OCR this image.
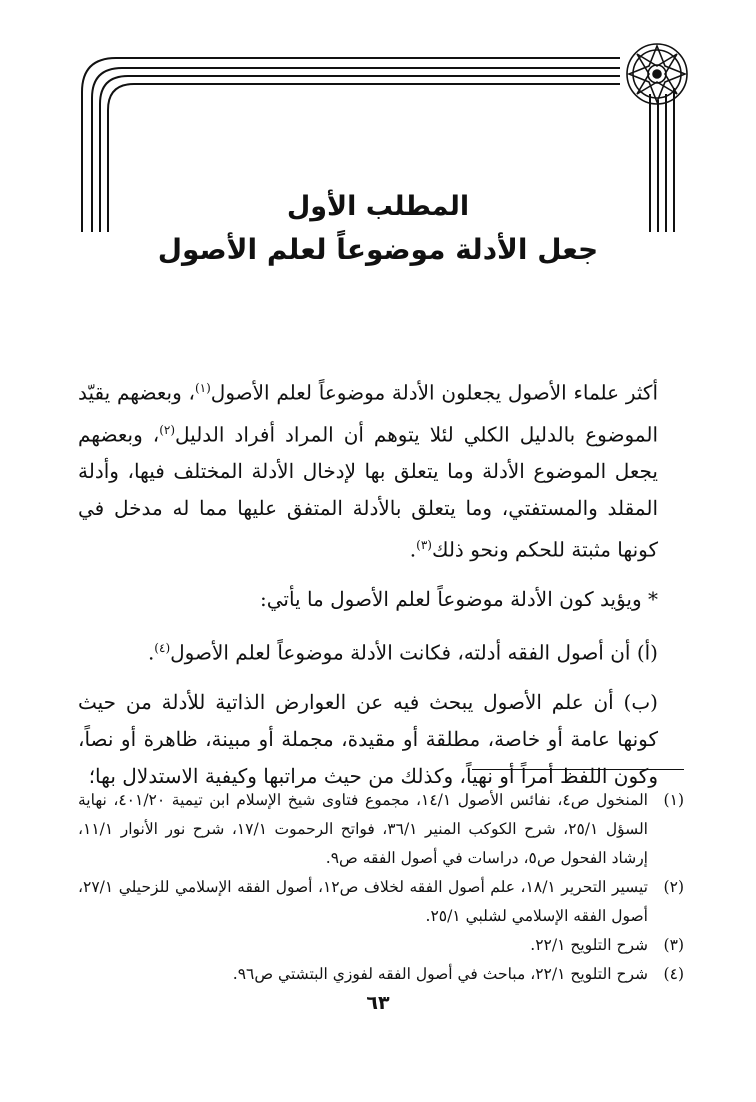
المطلب الأول
جعل الأدلة موضوعاً لعلم الأصول

أكثر علماء الأصول يجعلون الأدلة موضوعاً لعلم الأصول$^{(١)}$، وبعضهم يقيّد الموضوع بالدليل الكلي لئلا يتوهم أن المراد أفراد الدليل$^{(٢)}$، وبعضهم يجعل الموضوع الأدلة وما يتعلق بها لإدخال الأدلة المختلف فيها، وأدلة المقلد والمستفتي، وما يتعلق بالأدلة المتفق عليها مما له مدخل في كونها مثبتة للحكم ونحو ذلك$^{(٣)}$.

* ويؤيد كون الأدلة موضوعاً لعلم الأصول ما يأتي:

(أ) أن أصول الفقه أدلته، فكانت الأدلة موضوعاً لعلم الأصول$^{(٤)}$.

(ب) أن علم الأصول يبحث فيه عن العوارض الذاتية للأدلة من حيث كونها عامة أو خاصة، مطلقة أو مقيدة، مجملة أو مبينة، ظاهرة أو نصاً، وكون اللفظ أمراً أو نهياً، وكذلك من حيث مراتبها وكيفية الاستدلال بها؛

(١)
المنخول ص٤، نفائس الأصول ١٤/١، مجموع فتاوى شيخ الإسلام ابن تيمية ٤٠١/٢٠، نهاية السؤل ٢٥/١، شرح الكوكب المنير ٣٦/١، فواتح الرحموت ١٧/١، شرح نور الأنوار ١١/١، إرشاد الفحول ص٥، دراسات في أصول الفقه ص٩.
(٢)
تيسير التحرير ١٨/١، علم أصول الفقه لخلاف ص١٢، أصول الفقه الإسلامي للزحيلي ٢٧/١، أصول الفقه الإسلامي لشلبي ٢٥/١.
(٣)
شرح التلويح ٢٢/١.
(٤)
شرح التلويح ٢٢/١، مباحث في أصول الفقه لفوزي البتشتي ص٩٦.
٦٣
